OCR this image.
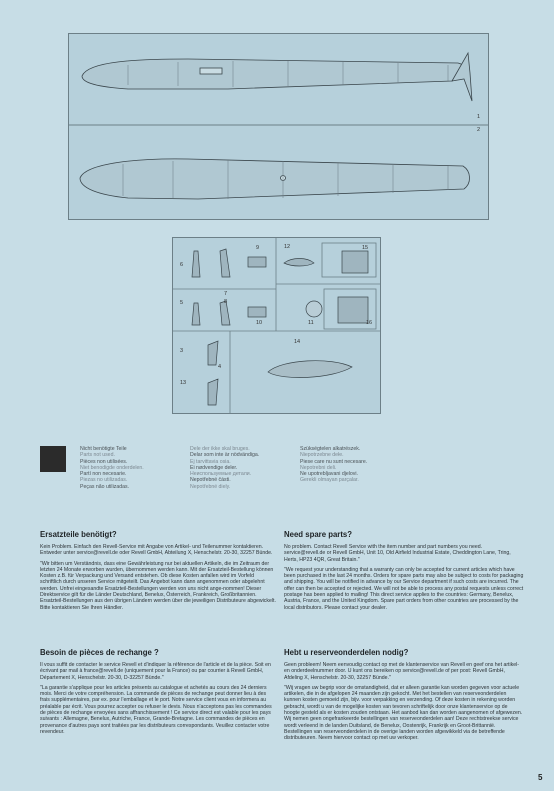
1
2
6
9	12	15
5
7
8
10	11	16
3
14
4
13
Nicht benötigte Teile
Parts not used.
Pièces non utilisées.
Niet benodigde onderdelen.
Partí non necesarie.
Piezas no utilizadas.
Peças não utilizadas.
Dele der ikke skal bruges.
Delar som inte är nödvändiga.
Ej tarvittavia osia.
Ei nødvendige deler.
Неиспользуемые детали.
Nepotřebné části.
Nepotřebné diely.
Szükségtelen alkatrészek.
Niepotrzebne dełe.
Piese care nu sunt necesare.
Nepotrebni deli.
Ne upotrebljavani djelovi.
Gerekli olmayan parçalar.
Ersatzteile benötigt?

Kein Problem. Einfach den Revell-Service mit Angabe von Artikel- und Teilenummer kontaktieren. Entweder unter service@revell.de oder Revell GmbH, Abteilung X, Henschelstr. 20-30, 32257 Bünde.

"Wir bitten um Verständnis, dass eine Gewährleistung nur bei aktuellen Artikeln, die im Zeitraum der letzten 24 Monate erworben wurden, übernommen werden kann. Mit der Ersatzteil-Bestellung können Kosten z.B. für Verpackung und Versand entstehen. Ob diese Kosten anfallen wird im Vorfeld schriftlich durch unseren Service mitgeteilt. Das Angebot kann dann angenommen oder abgelehnt werden. Unfrei eingesandte Ersatzteil-Bestellungen werden von uns nicht ange-nommen! Dieser Direktservice gilt für die Länder Deutschland, Benelux, Österreich, Frankreich, Großbritannien. Ersatzteil-Bestellungen aus den übrigen Ländern werden über die jeweiligen Distributeure abgewickelt. Bitte kontaktieren Sie Ihren Händler.

Need spare parts?

No problem. Contact Revell Service with the item number and part numbers you need. service@revell.de or Revell GmbH, Unit 10, Old Airfield Industrial Estate, Cheddington Lane, Tring, Herts, HP23 4QR, Great Britain."

"We request your understanding that a warranty can only be accepted for current articles which have been purchased in the last 24 months. Orders for spare parts may also be subject to costs for packaging and shipping. You will be notified in advance by our Service department if such costs are incurred. The offer can then be accepted or rejected. We will not be able to process any postal requests unless correct postage has been applied to mailing! This direct service applies to the countries: Germany, Benelux, Austria, France, and the United Kingdom. Spare part orders from other countries are processed by the local distributors. Please contact your dealer.

Besoin de pièces de rechange ?

Il vous suffit de contacter le service Revell et d'indiquer la référence de l'article et de la pièce. Soit en écrivant par mail à france@revell.de (uniquement pour la France) ou par courrier à Revell GmbH, Département X, Henschelstr. 20-30, D-32257 Bünde."

"La garantie s'applique pour les articles présents au catalogue et achetés au cours des 24 derniers mois. Merci de votre compréhension. La commande de pièces de rechange peut donner lieu à des frais supplémentaires, par ex. pour l'emballage et le port. Notre service client vous en informera au préalable par écrit. Vous pourrez accepter ou refuser le devis. Nous n'acceptons pas les commandes de pièces de rechange envoyées sans affranchissement ! Ce service direct est valable pour les pays suivants : Allemagne, Benelux, Autriche, France, Grande-Bretagne. Les commandes de pièces en provenance d'autres pays sont traitées par les distributeurs correspondants. Veuillez contacter votre revendeur.

Hebt u reserveonderdelen nodig?

Geen probleem! Neem eenvoudig contact op met de klantenservice van Revell en geef ons het artikel- en onderdeelnummer door. U kunt ons bereiken op service@revell.de of per post: Revell GmbH, Afdeling X, Henschelstr. 20-30, 32257 Bünde."

"Wij vragen uw begrip voor de omstandigheid, dat er alleen garantie kan worden gegeven voor actuele artikelen, die in de afgelopen 24 maanden zijn gekocht. Met het bestellen van reserveonderdelen kunnen kosten gemoeid zijn, bijv. voor verpakking en verzending. Of deze kosten in rekening worden gebracht, wordt u van de mogelijke kosten van tevoren schriftelijk door onze klantenservice op de hoogte gesteld als er kosten zouden ontstaan. Het aanbod kan dan worden aangenomen of afgewezen. Wij nemen geen ongefrankeerde bestellingen van reserveonderdelen aan! Deze rechtstreekse service wordt verleend in de landen Duitsland, de Benelux, Oostenrijk, Frankrijk en Groot-Brittannië. Bestellingen van reserveonderdelen in de overige landen worden afgewikkeld via de betreffende distributeuren. Neem hiervoor contact op met uw verkoper.

5
